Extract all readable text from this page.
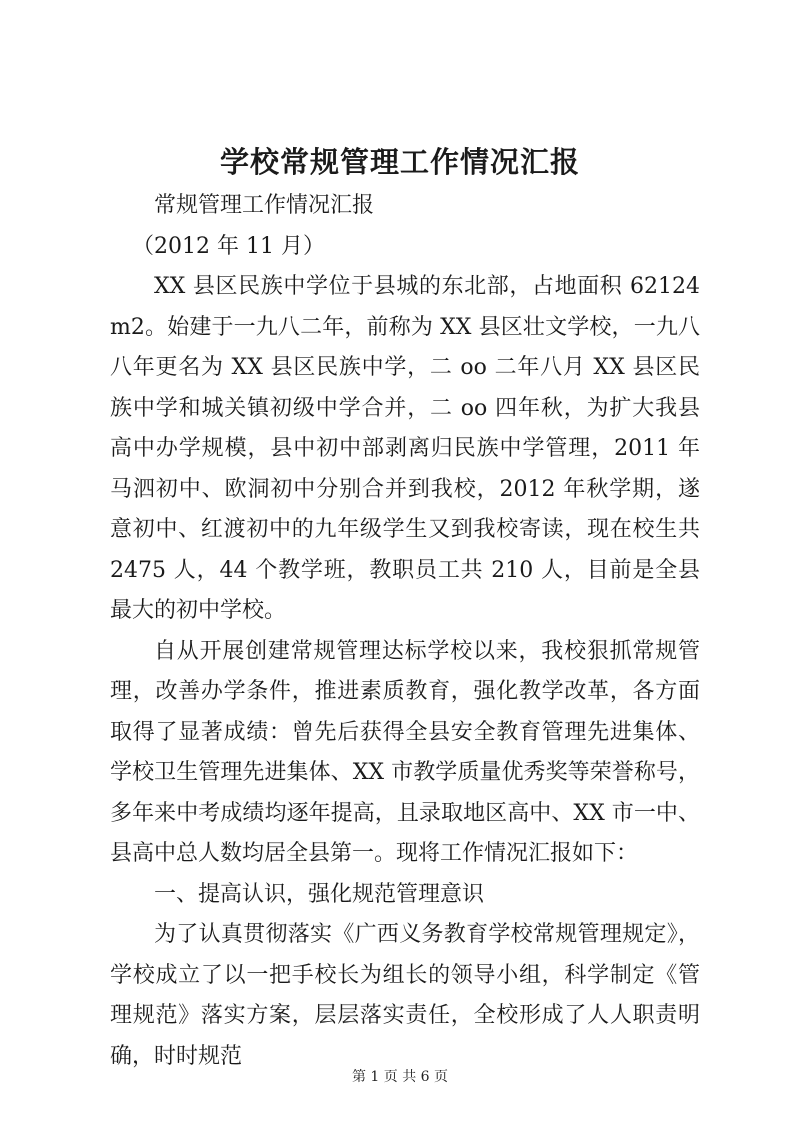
学校常规管理工作情况汇报

常规管理工作情况汇报

（2012 年 11 月）

XX 县区民族中学位于县城的东北部，占地面积 62124m2。始建于一九八二年，前称为 XX 县区壮文学校，一九八八年更名为 XX 县区民族中学，二 oo 二年八月 XX 县区民族中学和城关镇初级中学合并，二 oo 四年秋，为扩大我县高中办学规模，县中初中部剥离归民族中学管理，2011 年马泗初中、欧洞初中分别合并到我校，2012 年秋学期，遂意初中、红渡初中的九年级学生又到我校寄读，现在校生共 2475 人，44 个教学班，教职员工共 210 人，目前是全县最大的初中学校。

自从开展创建常规管理达标学校以来，我校狠抓常规管理，改善办学条件，推进素质教育，强化教学改革，各方面取得了显著成绩：曾先后获得全县安全教育管理先进集体、学校卫生管理先进集体、XX 市教学质量优秀奖等荣誉称号，多年来中考成绩均逐年提高，且录取地区高中、XX 市一中、县高中总人数均居全县第一。现将工作情况汇报如下：

一、提高认识，强化规范管理意识

为了认真贯彻落实《广西义务教育学校常规管理规定》，学校成立了以一把手校长为组长的领导小组，科学制定《管理规范》落实方案，层层落实责任，全校形成了人人职责明确，时时规范

第 1 页 共 6 页
